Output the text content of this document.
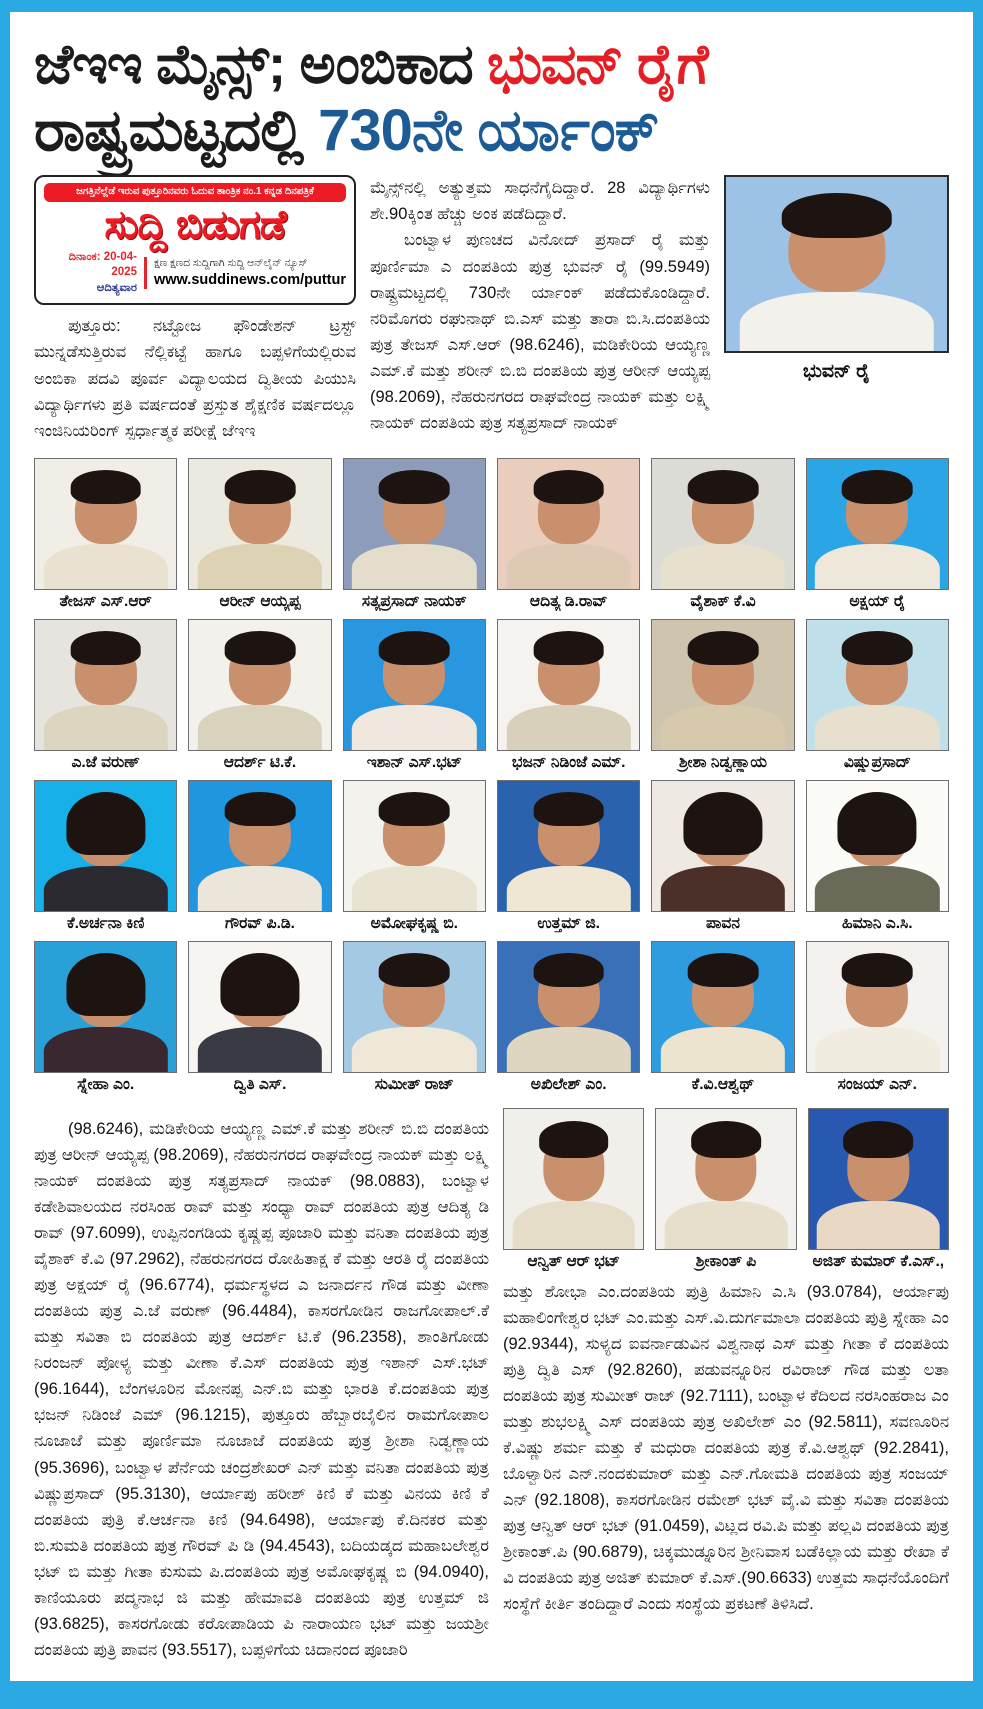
ಜೆಇಇ ಮೈನ್ಸ್; ಅಂಬಿಕಾದ ಭುವನ್ ರೈಗೆ
ರಾಷ್ಟ್ರಮಟ್ಟದಲ್ಲಿ 730ನೇ ರ್ಯಾಂಕ್
ಜಗತ್ತಿನೆಲ್ಲೆಡೆ ಇರುವ ಪುತ್ತೂರಿನವರು ಓದುವ ತಾಂತ್ರಿಕ ನಂ.1 ಕನ್ನಡ ದಿನಪತ್ರಿಕೆ
ಸುದ್ದಿ ಬಿಡುಗಡೆ
ದಿನಾಂಕ: 20-04-2025
ಆದಿತ್ಯವಾರ
ಕ್ಷಣ ಕ್ಷಣದ ಸುದ್ದಿಗಾಗಿ ಸುದ್ದಿ ಆನ್‌ಲೈನ್ ನ್ಯೂಸ್
www.suddinews.com/puttur

ಪುತ್ತೂರು: ನಟ್ಟೋಜ ಫೌಂಡೇಶನ್ ಟ್ರಸ್ಟ್ ಮುನ್ನಡೆಸುತ್ತಿರುವ ನೆಲ್ಲಿಕಟ್ಟೆ ಹಾಗೂ ಬಪ್ಪಳಿಗೆಯಲ್ಲಿರುವ ಅಂಬಿಕಾ ಪದವಿ ಪೂರ್ವ ವಿದ್ಯಾಲಯದ ದ್ವಿತೀಯ ಪಿಯುಸಿ ವಿದ್ಯಾರ್ಥಿಗಳು ಪ್ರತಿ ವರ್ಷದಂತೆ ಪ್ರಸ್ತುತ ಶೈಕ್ಷಣಿಕ ವರ್ಷದಲ್ಲೂ ಇಂಜಿನಿಯರಿಂಗ್ ಸ್ಪರ್ಧಾತ್ಮಕ ಪರೀಕ್ಷೆ ಜೆಇಇ

ಮೈನ್ಸ್‌ನಲ್ಲಿ ಅತ್ಯುತ್ತಮ ಸಾಧನೆಗೈದಿದ್ದಾರೆ. 28 ವಿದ್ಯಾರ್ಥಿಗಳು ಶೇ.90ಕ್ಕಿಂತ ಹೆಚ್ಚು ಅಂಕ ಪಡೆದಿದ್ದಾರೆ.

ಬಂಟ್ವಾಳ ಪುಣಚದ ವಿನೋದ್ ಪ್ರಸಾದ್ ರೈ ಮತ್ತು ಪೂರ್ಣಿಮಾ ಎ ದಂಪತಿಯ ಪುತ್ರ ಭುವನ್ ರೈ (99.5949) ರಾಷ್ಟ್ರಮಟ್ಟದಲ್ಲಿ 730ನೇ ರ್ಯಾಂಕ್ ಪಡೆದುಕೊಂಡಿದ್ದಾರೆ. ನರಿಮೊಗರು ರಘುನಾಥ್ ಬಿ.ಎಸ್ ಮತ್ತು ತಾರಾ ಬಿ.ಸಿ.ದಂಪತಿಯ ಪುತ್ರ ತೇಜಸ್ ಎಸ್.ಆರ್ (98.6246), ಮಡಿಕೇರಿಯ ಆಯ್ಯಣ್ಣ ಎಮ್.ಕೆ ಮತ್ತು ಶರೀನ್ ಬಿ.ಬಿ ದಂಪತಿಯ ಪುತ್ರ ಆರೀನ್ ಆಯ್ಯಪ್ಪ (98.2069), ನೆಹರುನಗರದ ರಾಘವೇಂದ್ರ ನಾಯಕ್ ಮತ್ತು ಲಕ್ಷ್ಮಿ ನಾಯಕ್ ದಂಪತಿಯ ಪುತ್ರ ಸತ್ಯಪ್ರಸಾದ್ ನಾಯಕ್

ಭುವನ್ ರೈ
ತೇಜಸ್ ಎಸ್.ಆರ್	ಆರೀನ್ ಆಯ್ಯಪ್ಪ	ಸತ್ಯಪ್ರಸಾದ್ ನಾಯಕ್	ಆದಿತ್ಯ ಡಿ.ರಾವ್	ವೈಶಾಕ್ ಕೆ.ವಿ	ಅಕ್ಷಯ್ ರೈ
ಎ.ಜೆ ವರುಣ್	ಆದರ್ಶ್ ಟಿ.ಕೆ.	ಇಶಾನ್ ಎಸ್.ಭಟ್	ಭಜನ್ ನಿಡಿಂಜೆ ಎಮ್.	ಶ್ರೀಶಾ ನಿಡ್ವಣ್ಣಾಯ	ವಿಷ್ಣುಪ್ರಸಾದ್
ಕೆ.ಅರ್ಚನಾ ಕಿಣಿ	ಗೌರವ್ ಪಿ.ಡಿ.	ಅಮೋಘಕೃಷ್ಣ ಬಿ.	ಉತ್ತಮ್ ಜಿ.	ಪಾವನ	ಹಿಮಾನಿ ಎ.ಸಿ.
ಸ್ನೇಹಾ ಎಂ.	ದ್ವಿತಿ ಎಸ್.	ಸುಮೀತ್ ರಾಜ್	ಅಖಿಲೇಶ್ ಎಂ.	ಕೆ.ವಿ.ಆಶ್ವಥ್	ಸಂಜಯ್ ಎನ್.

(98.6246), ಮಡಿಕೇರಿಯ ಆಯ್ಯಣ್ಣ ಎಮ್.ಕೆ ಮತ್ತು ಶರೀನ್ ಬಿ.ಬಿ ದಂಪತಿಯ ಪುತ್ರ ಆರೀನ್ ಆಯ್ಯಪ್ಪ (98.2069), ನೆಹರುನಗರದ ರಾಘವೇಂದ್ರ ನಾಯಕ್ ಮತ್ತು ಲಕ್ಷ್ಮಿ ನಾಯಕ್ ದಂಪತಿಯ ಪುತ್ರ ಸತ್ಯಪ್ರಸಾದ್ ನಾಯಕ್ (98.0883), ಬಂಟ್ವಾಳ ಕಡೇಶಿವಾಲಯದ ನರಸಿಂಹ ರಾವ್ ಮತ್ತು ಸಂಧ್ಯಾ ರಾವ್ ದಂಪತಿಯ ಪುತ್ರ ಆದಿತ್ಯ ಡಿ ರಾವ್ (97.6099), ಉಪ್ಪಿನಂಗಡಿಯ ಕೃಷ್ಣಪ್ಪ ಪೂಜಾರಿ ಮತ್ತು ವನಿತಾ ದಂಪತಿಯ ಪುತ್ರ ವೈಶಾಕ್ ಕೆ.ವಿ (97.2962), ನೆಹರುನಗರದ ರೋಹಿತಾಕ್ಷ ಕೆ ಮತ್ತು ಆರತಿ ರೈ ದಂಪತಿಯ ಪುತ್ರ ಅಕ್ಷಯ್ ರೈ (96.6774), ಧರ್ಮಸ್ಥಳದ ಎ ಜನಾರ್ದನ ಗೌಡ ಮತ್ತು ವೀಣಾ ದಂಪತಿಯ ಪುತ್ರ ಎ.ಜೆ ವರುಣ್ (96.4484), ಕಾಸರಗೋಡಿನ ರಾಜಗೋಪಾಲ್.ಕೆ ಮತ್ತು ಸವಿತಾ ಬಿ ದಂಪತಿಯ ಪುತ್ರ ಆದರ್ಶ್ ಟಿ.ಕೆ (96.2358), ಶಾಂತಿಗೋಡು ನಿರಂಜನ್ ಪೋಳ್ಯ ಮತ್ತು ವೀಣಾ ಕೆ.ಎಸ್ ದಂಪತಿಯ ಪುತ್ರ ಇಶಾನ್ ಎಸ್.ಭಟ್ (96.1644), ಬೆಂಗಳೂರಿನ ಮೋನಪ್ಪ ಎನ್.ಬಿ ಮತ್ತು ಭಾರತಿ ಕೆ.ದಂಪತಿಯ ಪುತ್ರ ಭಜನ್ ನಿಡಿಂಜೆ ಎಮ್ (96.1215), ಪುತ್ತೂರು ಹೆಬ್ಬಾರಬೈಲಿನ ರಾಮಗೋಪಾಲ ನೂಜಾಜೆ ಮತ್ತು ಪೂರ್ಣಿಮಾ ನೂಜಾಜೆ ದಂಪತಿಯ ಪುತ್ರ ಶ್ರೀಶಾ ನಿಡ್ವಣ್ಣಾಯ (95.3696), ಬಂಟ್ವಾಳ ಪೆರ್ನೆಯ ಚಂದ್ರಶೇಖರ್ ಎನ್ ಮತ್ತು ವನಿತಾ ದಂಪತಿಯ ಪುತ್ರ ವಿಷ್ಣುಪ್ರಸಾದ್ (95.3130), ಆರ್ಯಾಪು ಹರೀಶ್ ಕಿಣಿ ಕೆ ಮತ್ತು ವಿನಯ ಕಿಣಿ ಕೆ ದಂಪತಿಯ ಪುತ್ರಿ ಕೆ.ಆರ್ಚನಾ ಕಿಣಿ (94.6498), ಆರ್ಯಾಪು ಕೆ.ದಿನಕರ ಮತ್ತು ಬಿ.ಸುಮತಿ ದಂಪತಿಯ ಪುತ್ರ ಗೌರವ್ ಪಿ ಡಿ (94.4543), ಬದಿಯಡ್ಕದ ಮಹಾಬಲೇಶ್ವರ ಭಟ್ ಬಿ ಮತ್ತು ಗೀತಾ ಕುಸುಮ ಪಿ.ದಂಪತಿಯ ಪುತ್ರ ಅಮೋಘಕೃಷ್ಣ ಬಿ (94.0940), ಕಾಣಿಯೂರು ಪದ್ಮನಾಭ ಜಿ ಮತ್ತು ಹೇಮಾವತಿ ದಂಪತಿಯ ಪುತ್ರ ಉತ್ತಮ್ ಜಿ (93.6825), ಕಾಸರಗೋಡು ಕರೋಪಾಡಿಯ ಪಿ ನಾರಾಯಣ ಭಟ್ ಮತ್ತು ಜಯಶ್ರೀ ದಂಪತಿಯ ಪುತ್ರಿ ಪಾವನ (93.5517), ಬಪ್ಪಳಿಗೆಯ ಚಿದಾನಂದ ಪೂಜಾರಿ

ಆನ್ವಿತ್ ಆರ್ ಭಟ್	ಶ್ರೀಕಾಂತ್ ಪಿ	ಅಜಿತ್ ಕುಮಾರ್ ಕೆ.ಎಸ್.,

ಮತ್ತು ಶೋಭಾ ಎಂ.ದಂಪತಿಯ ಪುತ್ರಿ ಹಿಮಾನಿ ಎ.ಸಿ (93.0784), ಆರ್ಯಾಪು ಮಹಾಲಿಂಗೇಶ್ವರ ಭಟ್ ಎಂ.ಮತ್ತು ಎಸ್.ವಿ.ದುರ್ಗಮಾಲಾ ದಂಪತಿಯ ಪುತ್ರಿ ಸ್ನೇಹಾ ಎಂ (92.9344), ಸುಳ್ಯದ ಐವರ್ನಾಡುವಿನ ವಿಶ್ವನಾಥ ಎಸ್ ಮತ್ತು ಗೀತಾ ಕೆ ದಂಪತಿಯ ಪುತ್ರಿ ದ್ವಿತಿ ಎಸ್ (92.8260), ಪಡುವನ್ನೂರಿನ ರವಿರಾಜ್ ಗೌಡ ಮತ್ತು ಲತಾ ದಂಪತಿಯ ಪುತ್ರ ಸುಮೀತ್ ರಾಜ್ (92.7111), ಬಂಟ್ವಾಳ ಕೆದಿಲದ ನರಸಿಂಹರಾಜ ಎಂ ಮತ್ತು ಶುಭಲಕ್ಷ್ಮಿ ಎಸ್ ದಂಪತಿಯ ಪುತ್ರ ಅಖಿಲೇಶ್ ಎಂ (92.5811), ಸವಣೂರಿನ ಕೆ.ವಿಷ್ಣು ಶರ್ಮ ಮತ್ತು ಕೆ ಮಧುರಾ ದಂಪತಿಯ ಪುತ್ರ ಕೆ.ವಿ.ಆಶ್ವಥ್ (92.2841), ಬೊಳ್ವಾರಿನ ಎನ್.ನಂದಕುಮಾರ್ ಮತ್ತು ಎನ್.ಗೋಮತಿ ದಂಪತಿಯ ಪುತ್ರ ಸಂಜಯ್ ಎನ್ (92.1808), ಕಾಸರಗೋಡಿನ ರಮೇಶ್ ಭಟ್ ವೈ.ವಿ ಮತ್ತು ಸವಿತಾ ದಂಪತಿಯ ಪುತ್ರ ಆನ್ವಿತ್ ಆರ್ ಭಟ್ (91.0459), ವಿಟ್ಲದ ರವಿ.ಪಿ ಮತ್ತು ಪಲ್ಲವಿ ದಂಪತಿಯ ಪುತ್ರ ಶ್ರೀಕಾಂತ್.ಪಿ (90.6879), ಚಿಕ್ಕಮುಡ್ನೂರಿನ ಶ್ರೀನಿವಾಸ ಬಡೆಕಿಲ್ಲಾಯ ಮತ್ತು ರೇಖಾ ಕೆ ವಿ ದಂಪತಿಯ ಪುತ್ರ ಅಜಿತ್ ಕುಮಾರ್ ಕೆ.ಎಸ್.(90.6633) ಉತ್ತಮ ಸಾಧನೆಯೊಂದಿಗೆ ಸಂಸ್ಥೆಗೆ ಕೀರ್ತಿ ತಂದಿದ್ದಾರೆ ಎಂದು ಸಂಸ್ಥೆಯ ಪ್ರಕಟಣೆ ತಿಳಿಸಿದೆ.
